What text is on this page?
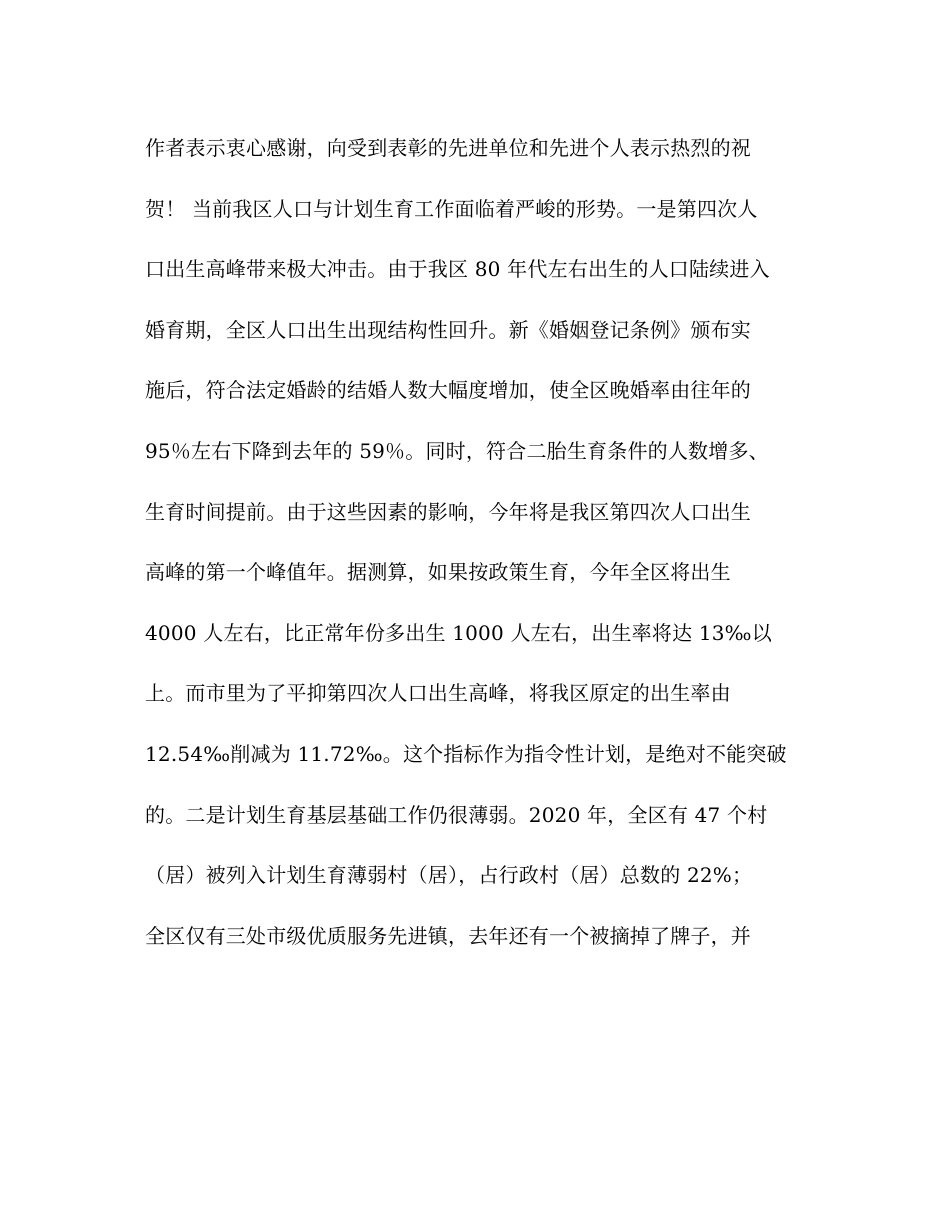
作者表示衷心感谢，向受到表彰的先进单位和先进个人表示热烈的祝
贺！ 当前我区人口与计划生育工作面临着严峻的形势。一是第四次人
口出生高峰带来极大冲击。由于我区 80 年代左右出生的人口陆续进入
婚育期，全区人口出生出现结构性回升。新《婚姻登记条例》颁布实
施后，符合法定婚龄的结婚人数大幅度增加，使全区晚婚率由往年的
95％左右下降到去年的 59％。同时，符合二胎生育条件的人数增多、
生育时间提前。由于这些因素的影响，今年将是我区第四次人口出生
高峰的第一个峰值年。据测算，如果按政策生育，今年全区将出生
4000 人左右，比正常年份多出生 1000 人左右，出生率将达 13‰以
上。而市里为了平抑第四次人口出生高峰，将我区原定的出生率由
12.54‰削减为 11.72‰。这个指标作为指令性计划，是绝对不能突破
的。二是计划生育基层基础工作仍很薄弱。2020 年，全区有 47 个村
（居）被列入计划生育薄弱村（居），占行政村（居）总数的 22%；
全区仅有三处市级优质服务先进镇，去年还有一个被摘掉了牌子，并
